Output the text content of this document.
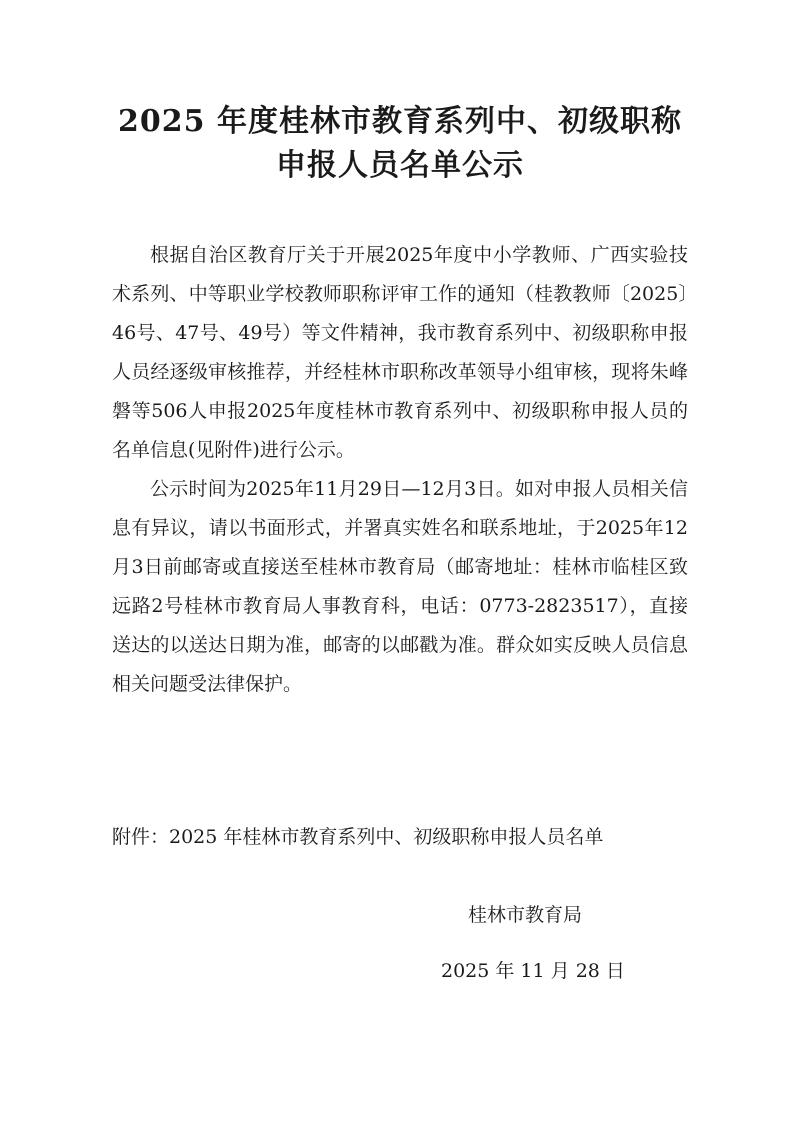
2025 年度桂林市教育系列中、初级职称
申报人员名单公示

根据自治区教育厅关于开展2025年度中小学教师、广西实验技术系列、中等职业学校教师职称评审工作的通知（桂教教师〔2025〕46号、47号、49号）等文件精神，我市教育系列中、初级职称申报人员经逐级审核推荐，并经桂林市职称改革领导小组审核，现将朱峰磐等506人申报2025年度桂林市教育系列中、初级职称申报人员的名单信息(见附件)进行公示。

公示时间为2025年11月29日—12月3日。如对申报人员相关信息有异议，请以书面形式，并署真实姓名和联系地址，于2025年12月3日前邮寄或直接送至桂林市教育局（邮寄地址：桂林市临桂区致远路2号桂林市教育局人事教育科，电话：0773-2823517），直接送达的以送达日期为准，邮寄的以邮戳为准。群众如实反映人员信息相关问题受法律保护。

附件：2025 年桂林市教育系列中、初级职称申报人员名单
桂林市教育局
2025 年 11 月 28 日
